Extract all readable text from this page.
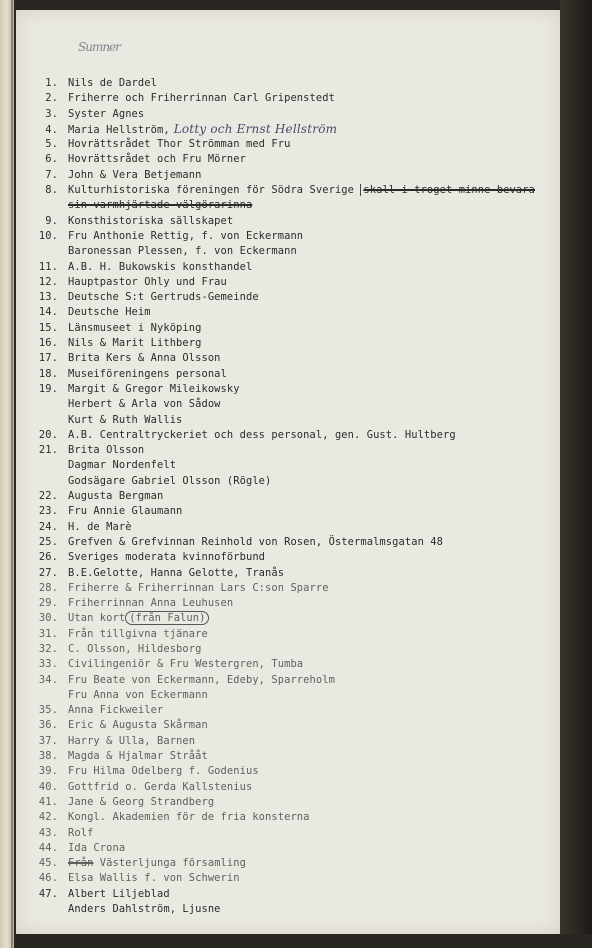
Sumner
1. Nils de Dardel
2. Friherre och Friherrinnan Carl Gripenstedt
3. Syster Agnes
4. Maria Hellström, Lotty och Ernst Hellström
5. Hovrättsrådet Thor Strömman med Fru
6. Hovrättsrådet och Fru Mörner
7. John & Vera Betjemann
8. Kulturhistoriska föreningen för Södra Sverige skall i troget minne bevara
sin varmhjärtade välgörarinna
9. Konsthistoriska sällskapet
10. Fru Anthonie Rettig, f. von Eckermann
Baronessan Plessen, f. von Eckermann
11. A.B. H. Bukowskis konsthandel
12. Hauptpastor Ohly und Frau
13. Deutsche S:t Gertruds-Gemeinde
14. Deutsche Heim
15. Länsmuseet i Nyköping
16. Nils & Marit Lithberg
17. Brita Kers & Anna Olsson
18. Museiföreningens personal
19. Margit & Gregor Mileikowsky
Herbert & Arla von Sådow
Kurt & Ruth Wallis
20. A.B. Centraltryckeriet och dess personal, gen. Gust. Hultberg
21. Brita Olsson
Dagmar Nordenfelt
Godsägare Gabriel Olsson (Rögle)
22. Augusta Bergman
23. Fru Annie Glaumann
24. H. de Marè
25. Grefven & Grefvinnan Reinhold von Rosen, Östermalmsgatan 48
26. Sveriges moderata kvinnoförbund
27. B.E.Gelotte, Hanna Gelotte, Tranås
28. Friherre & Friherrinnan Lars C:son Sparre
29. Friherrinnan Anna Leuhusen
30. Utan kort (från Falun)
31. Från tillgivna tjänare
32. C. Olsson, Hildesborg
33. Civilingeniör & Fru Westergren, Tumba
34. Fru Beate von Eckermann, Edeby, Sparreholm
Fru Anna von Eckermann
35. Anna Fickweiler
36. Eric & Augusta Skårman
37. Harry & Ulla, Barnen
38. Magda & Hjalmar Strååt
39. Fru Hilma Odelberg f. Godenius
40. Gottfrid o. Gerda Kallstenius
41. Jane & Georg Strandberg
42. Kongl. Akademien för de fria konsterna
43. Rolf
44. Ida Crona
45. Från Västerljunga församling
46. Elsa Wallis f. von Schwerin
47. Albert Liljeblad
Anders Dahlström, Ljusne
